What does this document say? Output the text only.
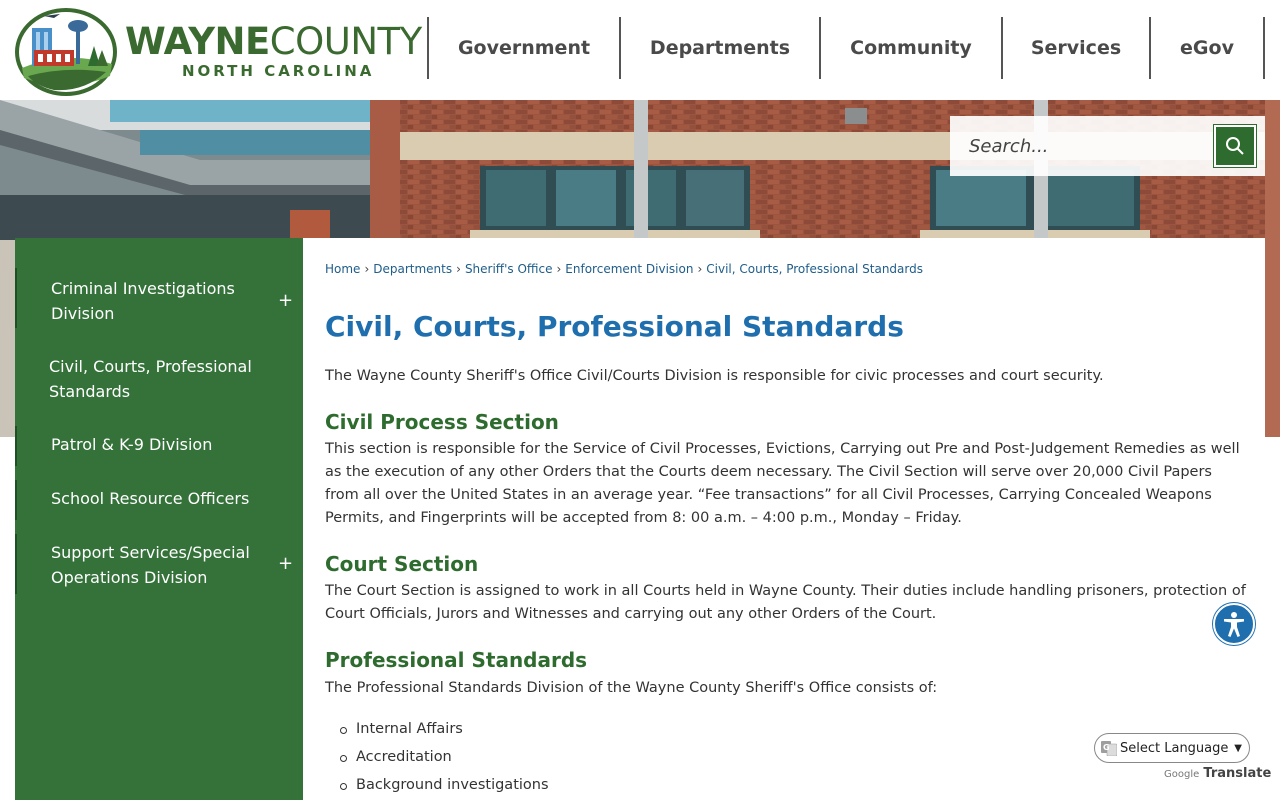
WAYNECOUNTY
NORTH CAROLINA
Government	Departments	Community	Services	eGov
Search...
Criminal Investigations Division
+
Civil, Courts, Professional Standards
Patrol & K-9 Division
School Resource Officers
Support Services/Special Operations Division
+
Home › Departments › Sheriff's Office › Enforcement Division › Civil, Courts, Professional Standards
Civil, Courts, Professional Standards

The Wayne County Sheriff's Office Civil/Courts Division is responsible for civic processes and court security.

Civil Process Section

This section is responsible for the Service of Civil Processes, Evictions, Carrying out Pre and Post-Judgement Remedies as well as the execution of any other Orders that the Courts deem necessary. The Civil Section will serve over 20,000 Civil Papers from all over the United States in an average year. “Fee transactions” for all Civil Processes, Carrying Concealed Weapons Permits, and Fingerprints will be accepted from 8: 00 a.m. – 4:00 p.m., Monday – Friday.

Court Section

The Court Section is assigned to work in all Courts held in Wayne County. Their duties include handling prisoners, protection of Court Officials, Jurors and Witnesses and carrying out any other Orders of the Court.

Professional Standards

The Professional Standards Division of the Wayne County Sheriff's Office consists of:

Internal Affairs
Accreditation
Background investigations
G Select Language ▼
Google Translate
